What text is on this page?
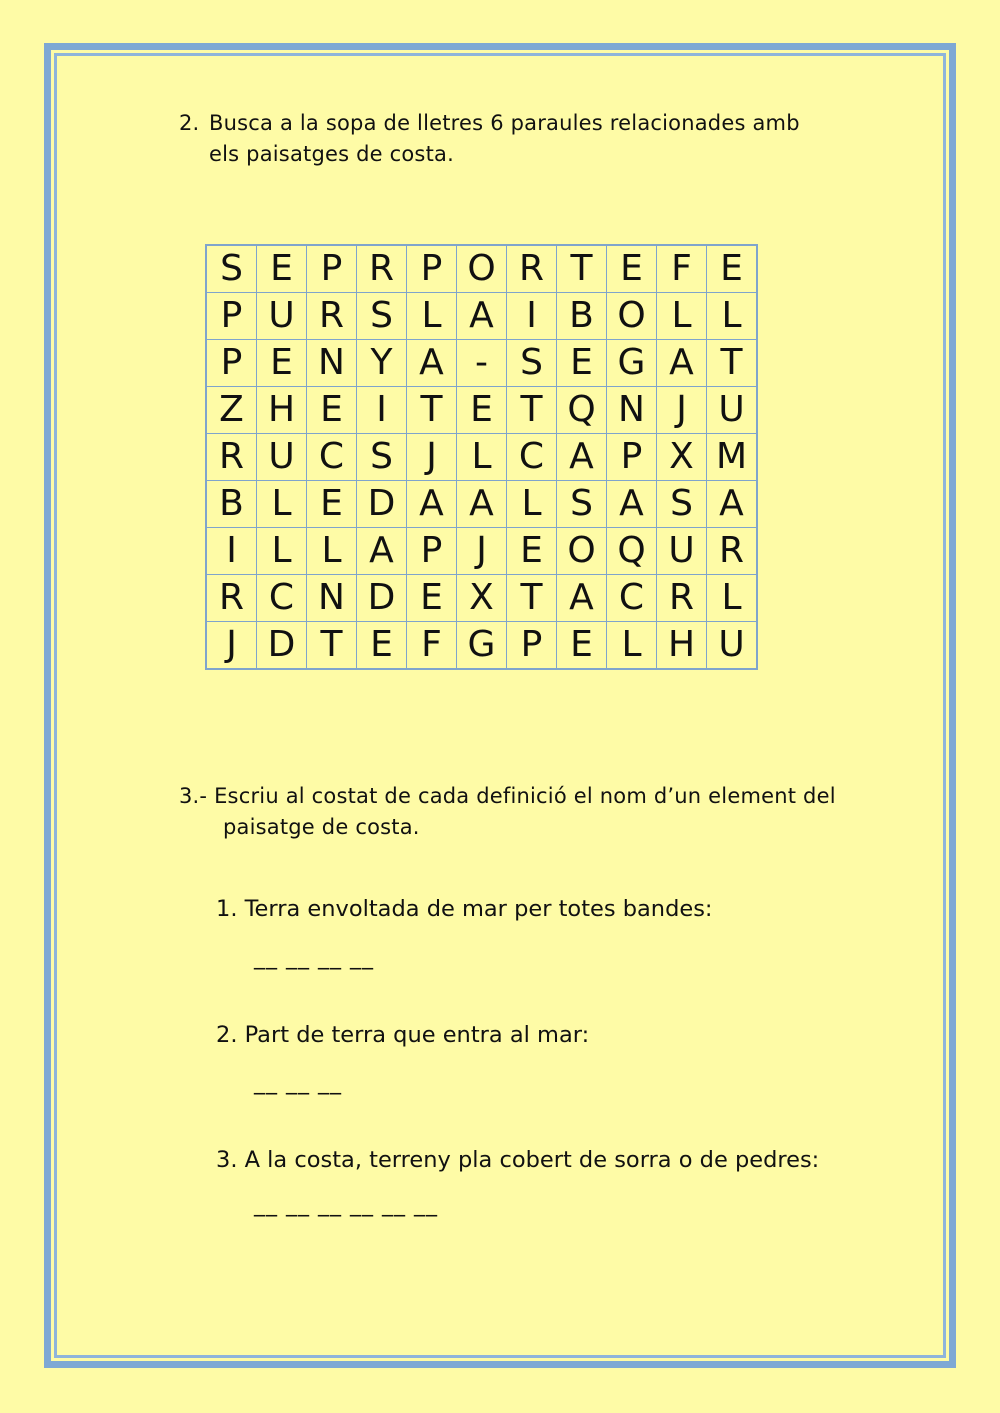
2. Busca a la sopa de lletres 6 paraules relacionades amb
els paisatges de costa.
S	E	P	R	P	O	R	T	E	F	E
P	U	R	S	L	A	I	B	O	L	L
P	E	N	Y	A	-	S	E	G	A	T
Z	H	E	I	T	E	T	Q	N	J	U
R	U	C	S	J	L	C	A	P	X	M
B	L	E	D	A	A	L	S	A	S	A
I	L	L	A	P	J	E	O	Q	U	R
R	C	N	D	E	X	T	A	C	R	L
J	D	T	E	F	G	P	E	L	H	U
3.- Escriu al costat de cada definició el nom d’un element del
paisatge de costa.
1. Terra envoltada de mar per totes bandes:
__ __ __ __
2. Part de terra que entra al mar:
__ __ __
3. A la costa, terreny pla cobert de sorra o de pedres:
__ __ __ __ __ __
